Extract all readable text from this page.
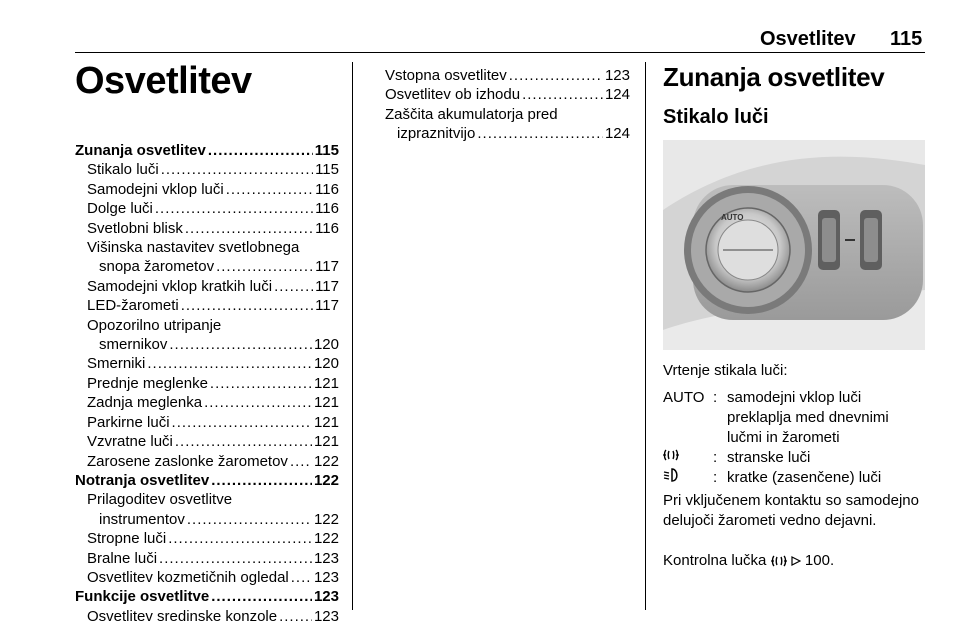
Osvetlitev 115
Osvetlitev
Zunanja osvetlitev .....	115
Stikalo luči .....	115
Samodejni vklop luči .....	116
Dolge luči .....	116
Svetlobni blisk .....	116
Višinska nastavitev svetlobnega
snopa žarometov .....	117
Samodejni vklop kratkih luči .....	117
LED-žarometi .....	117
Opozorilno utripanje
smernikov .....	120
Smerniki .....	120
Prednje meglenke .....	121
Zadnja meglenka .....	121
Parkirne luči .....	121
Vzvratne luči .....	121
Zarosene zaslonke žarometov ..... 122
Notranja osvetlitev .....	122
Prilagoditev osvetlitve
instrumentov .....	122
Stropne luči .....	122
Bralne luči .....	123
Osvetlitev kozmetičnih ogledal ..... 123
Funkcije osvetlitve .....	123
Osvetlitev sredinske konzole ..... 123
Vstopna osvetlitev .....	123
Osvetlitev ob izhodu .....	124
Zaščita akumulatorja pred
izpraznitvijo .....	124
Zunanja osvetlitev
Stikalo luči
AUTO
Vrtenje stikala luči:
AUTO : samodejni vklop luči preklaplja med dnevnimi lučmi in žarometi
: stranske luči
: kratke (zasenčene) luči
Pri vključenem kontaktu so samodejno delujoči žarometi vedno dejavni.
Kontrolna lučka	100.
